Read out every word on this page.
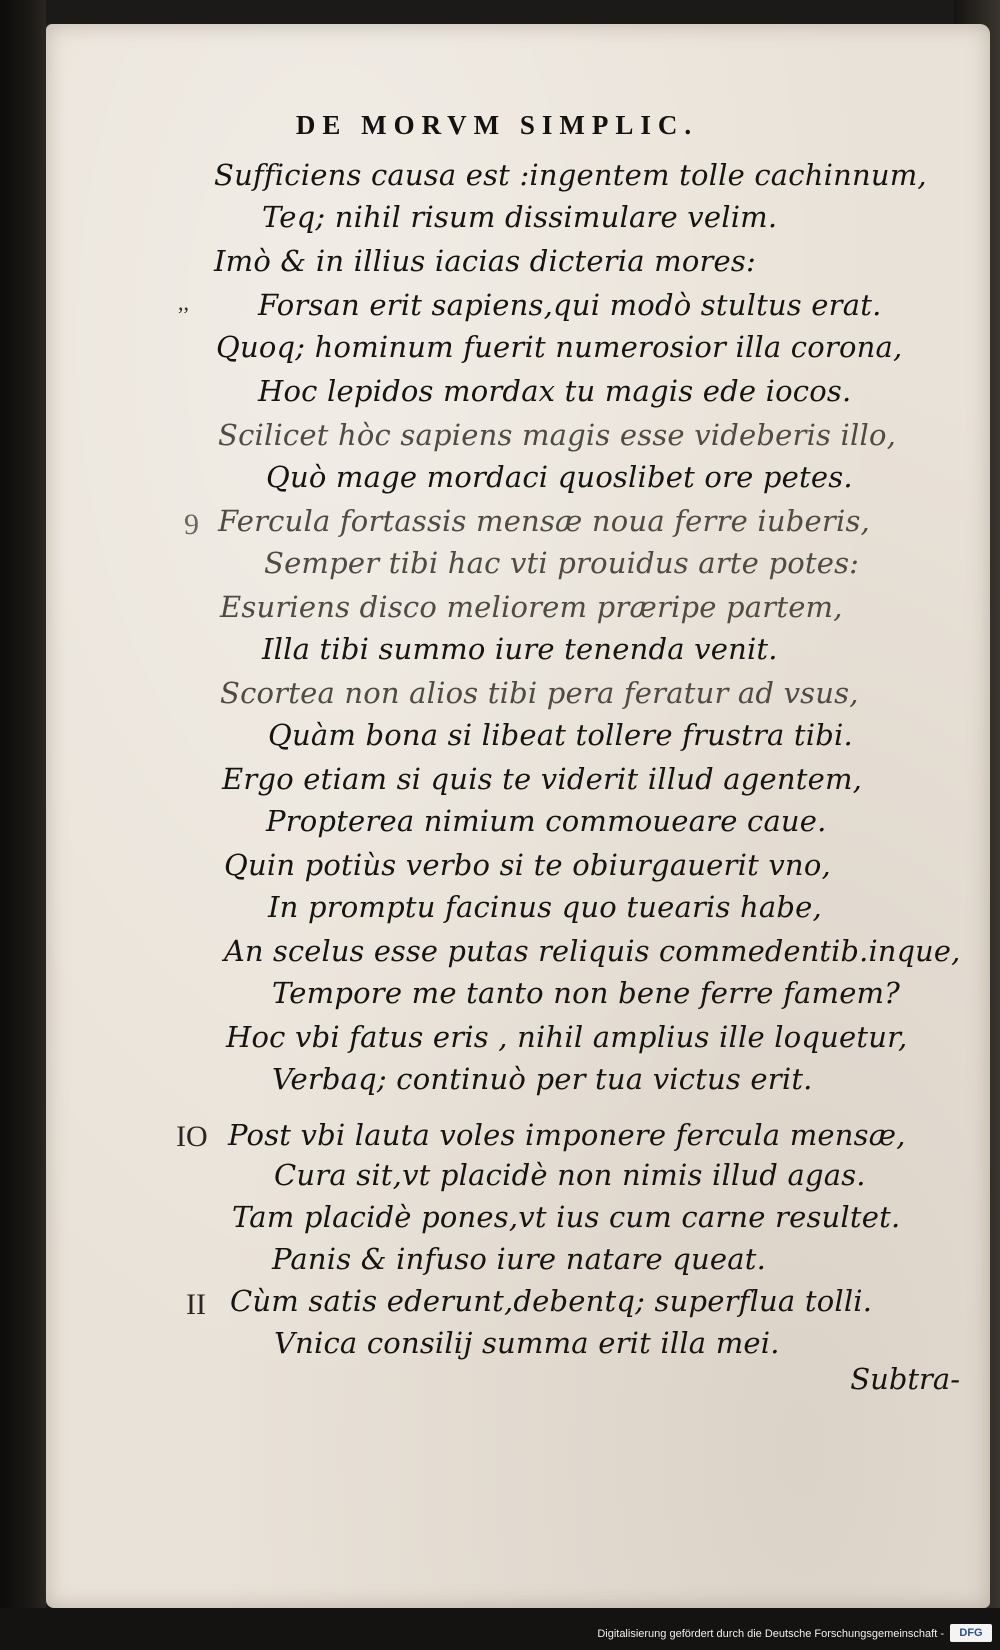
DE MORVM SIMPLIC.
,,
9
IO
II
Sufficiens causa est :ingentem tolle cachinnum,
Teq; nihil risum dissimulare velim.
Imò & in illius iacias dicteria mores:
Forsan erit sapiens,qui modò stultus erat.
Quoq; hominum fuerit numerosior illa corona,
Hoc lepidos mordax tu magis ede iocos.
Scilicet hòc sapiens magis esse videberis illo,
Quò mage mordaci quoslibet ore petes.
Fercula fortassis mensæ noua ferre iuberis,
Semper tibi hac vti prouidus arte potes:
Esuriens disco meliorem præripe partem,
Illa tibi summo iure tenenda venit.
Scortea non alios tibi pera feratur ad vsus,
Quàm bona si libeat tollere frustra tibi.
Ergo etiam si quis te viderit illud agentem,
Propterea nimium commoueare caue.
Quin potiùs verbo si te obiurgauerit vno,
In promptu facinus quo tuearis habe,
An scelus esse putas reliquis commedentib.inque,
Tempore me tanto non bene ferre famem?
Hoc vbi fatus eris , nihil amplius ille loquetur,
Verbaq; continuò per tua victus erit.
Post vbi lauta voles imponere fercula mensæ,
Cura sit,vt placidè non nimis illud agas.
Tam placidè pones,vt ius cum carne resultet.
Panis & infuso iure natare queat.
Cùm satis ederunt,debentq; superflua tolli.
Vnica consilij summa erit illa mei.
Subtra-
Digitalisierung gefördert durch die Deutsche Forschungsgemeinschaft -	DFG
